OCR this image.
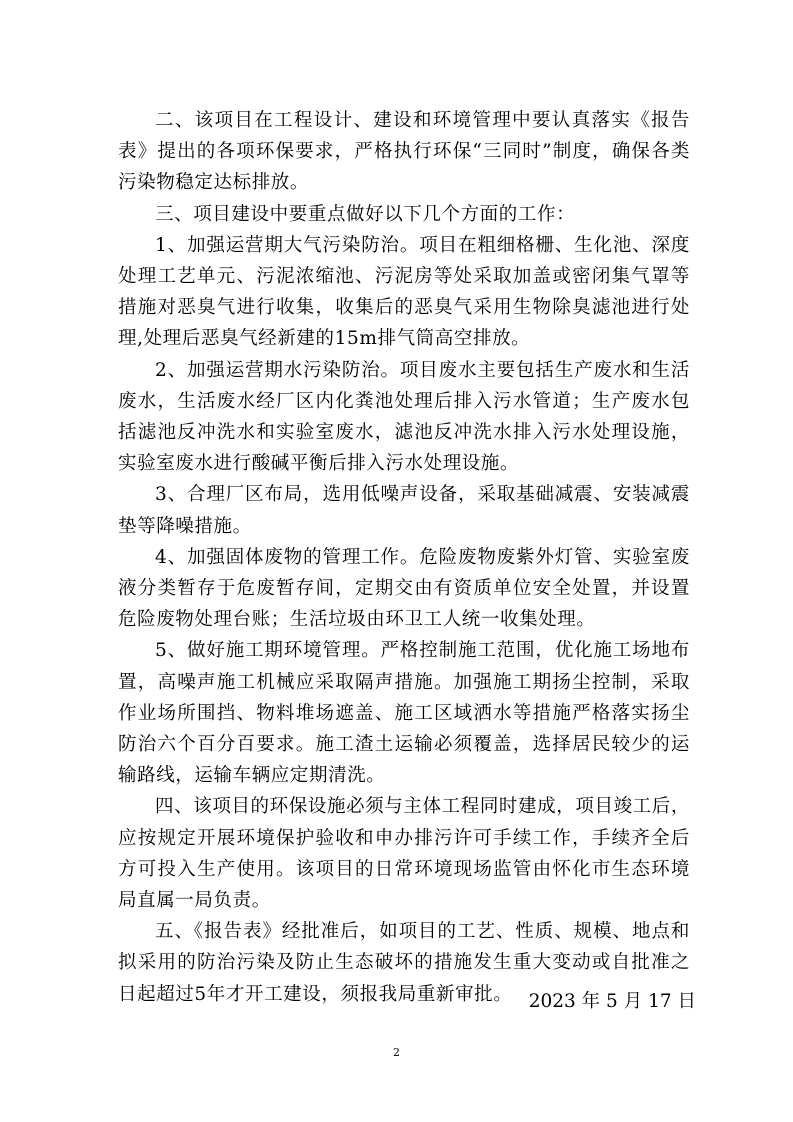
二、该项目在工程设计、建设和环境管理中要认真落实《报告表》提出的各项环保要求，严格执行环保“三同时”制度，确保各类污染物稳定达标排放。

三、项目建设中要重点做好以下几个方面的工作：

1、加强运营期大气污染防治。项目在粗细格栅、生化池、深度处理工艺单元、污泥浓缩池、污泥房等处采取加盖或密闭集气罩等措施对恶臭气进行收集，收集后的恶臭气采用生物除臭滤池进行处理,处理后恶臭气经新建的15m排气筒高空排放。

2、加强运营期水污染防治。项目废水主要包括生产废水和生活废水，生活废水经厂区内化粪池处理后排入污水管道；生产废水包括滤池反冲洗水和实验室废水，滤池反冲洗水排入污水处理设施，实验室废水进行酸碱平衡后排入污水处理设施。

3、合理厂区布局，选用低噪声设备，采取基础减震、安装减震垫等降噪措施。

4、加强固体废物的管理工作。危险废物废紫外灯管、实验室废液分类暂存于危废暂存间，定期交由有资质单位安全处置，并设置危险废物处理台账；生活垃圾由环卫工人统一收集处理。

5、做好施工期环境管理。严格控制施工范围，优化施工场地布置，高噪声施工机械应采取隔声措施。加强施工期扬尘控制，采取作业场所围挡、物料堆场遮盖、施工区域洒水等措施严格落实扬尘防治六个百分百要求。施工渣土运输必须覆盖，选择居民较少的运输路线，运输车辆应定期清洗。

四、该项目的环保设施必须与主体工程同时建成，项目竣工后，应按规定开展环境保护验收和申办排污许可手续工作，手续齐全后方可投入生产使用。该项目的日常环境现场监管由怀化市生态环境局直属一局负责。

五、《报告表》经批准后，如项目的工艺、性质、规模、地点和拟采用的防治污染及防止生态破坏的措施发生重大变动或自批准之日起超过5年才开工建设，须报我局重新审批。 2023 年 5 月 17 日
2
